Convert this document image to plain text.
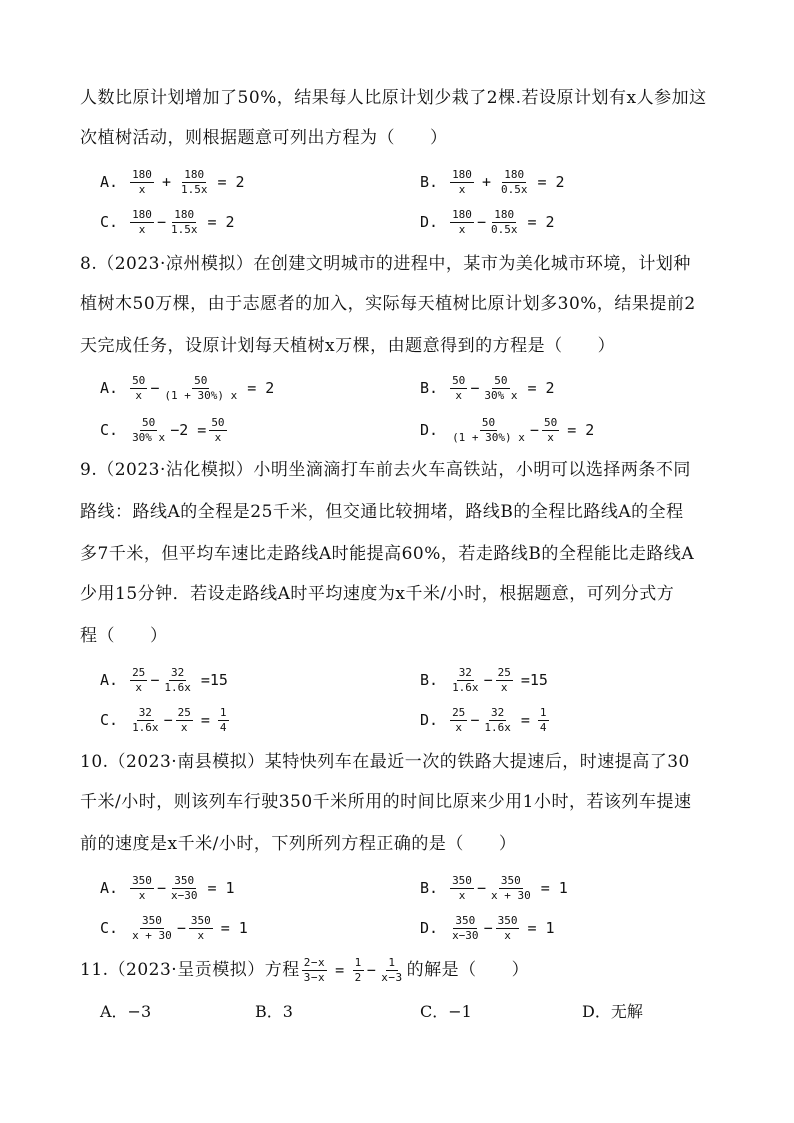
人数比原计划增加了50%，结果每人比原计划少栽了2棵.若设原计划有x人参加这
次植树活动，则根据题意可列出方程为（　　）
A. $\frac{180}{x} + \frac{180}{1.5x} = 2$	B. $\frac{180}{x} + \frac{180}{0.5x} = 2$
C. $\frac{180}{x} - \frac{180}{1.5x} = 2$	D. $\frac{180}{x} - \frac{180}{0.5x} = 2$
8.（2023·凉州模拟）在创建文明城市的进程中，某市为美化城市环境，计划种
植树木50万棵，由于志愿者的加入，实际每天植树比原计划多30%，结果提前2
天完成任务，设原计划每天植树x万棵，由题意得到的方程是（　　）
A. $\frac{50}{x} - \frac{50}{(1 + 30\%) x} = 2$	B. $\frac{50}{x} - \frac{50}{30\% x} = 2$
C. $\frac{50}{30\% x} -2 = \frac{50}{x}$	D. $\frac{50}{(1 + 30\%) x} - \frac{50}{x} = 2$
9.（2023·沾化模拟）小明坐滴滴打车前去火车高铁站，小明可以选择两条不同
路线：路线A的全程是25千米，但交通比较拥堵，路线B的全程比路线A的全程
多7千米，但平均车速比走路线A时能提高60%，若走路线B的全程能比走路线A
少用15分钟．若设走路线A时平均速度为x千米/小时，根据题意，可列分式方
程（　　）
A. $\frac{25}{x} - \frac{32}{1.6x} =15$	B. $\frac{32}{1.6x} - \frac{25}{x} =15$
C. $\frac{32}{1.6x} - \frac{25}{x} = \frac{1}{4}$	D. $\frac{25}{x} - \frac{32}{1.6x} = \frac{1}{4}$
10.（2023·南县模拟）某特快列车在最近一次的铁路大提速后，时速提高了30
千米/小时，则该列车行驶350千米所用的时间比原来少用1小时，若该列车提速
前的速度是x千米/小时，下列所列方程正确的是（　　）
A. $\frac{350}{x} - \frac{350}{x-30} = 1$	B. $\frac{350}{x} - \frac{350}{x + 30} = 1$
C. $\frac{350}{x + 30} - \frac{350}{x} = 1$	D. $\frac{350}{x-30} - \frac{350}{x} = 1$
11.（2023·呈贡模拟）方程 $\frac{2-x}{3-x} = \frac{1}{2} - \frac{1}{x-3}$ 的解是（　　）
A．−3	B．3	C．−1	D．无解
